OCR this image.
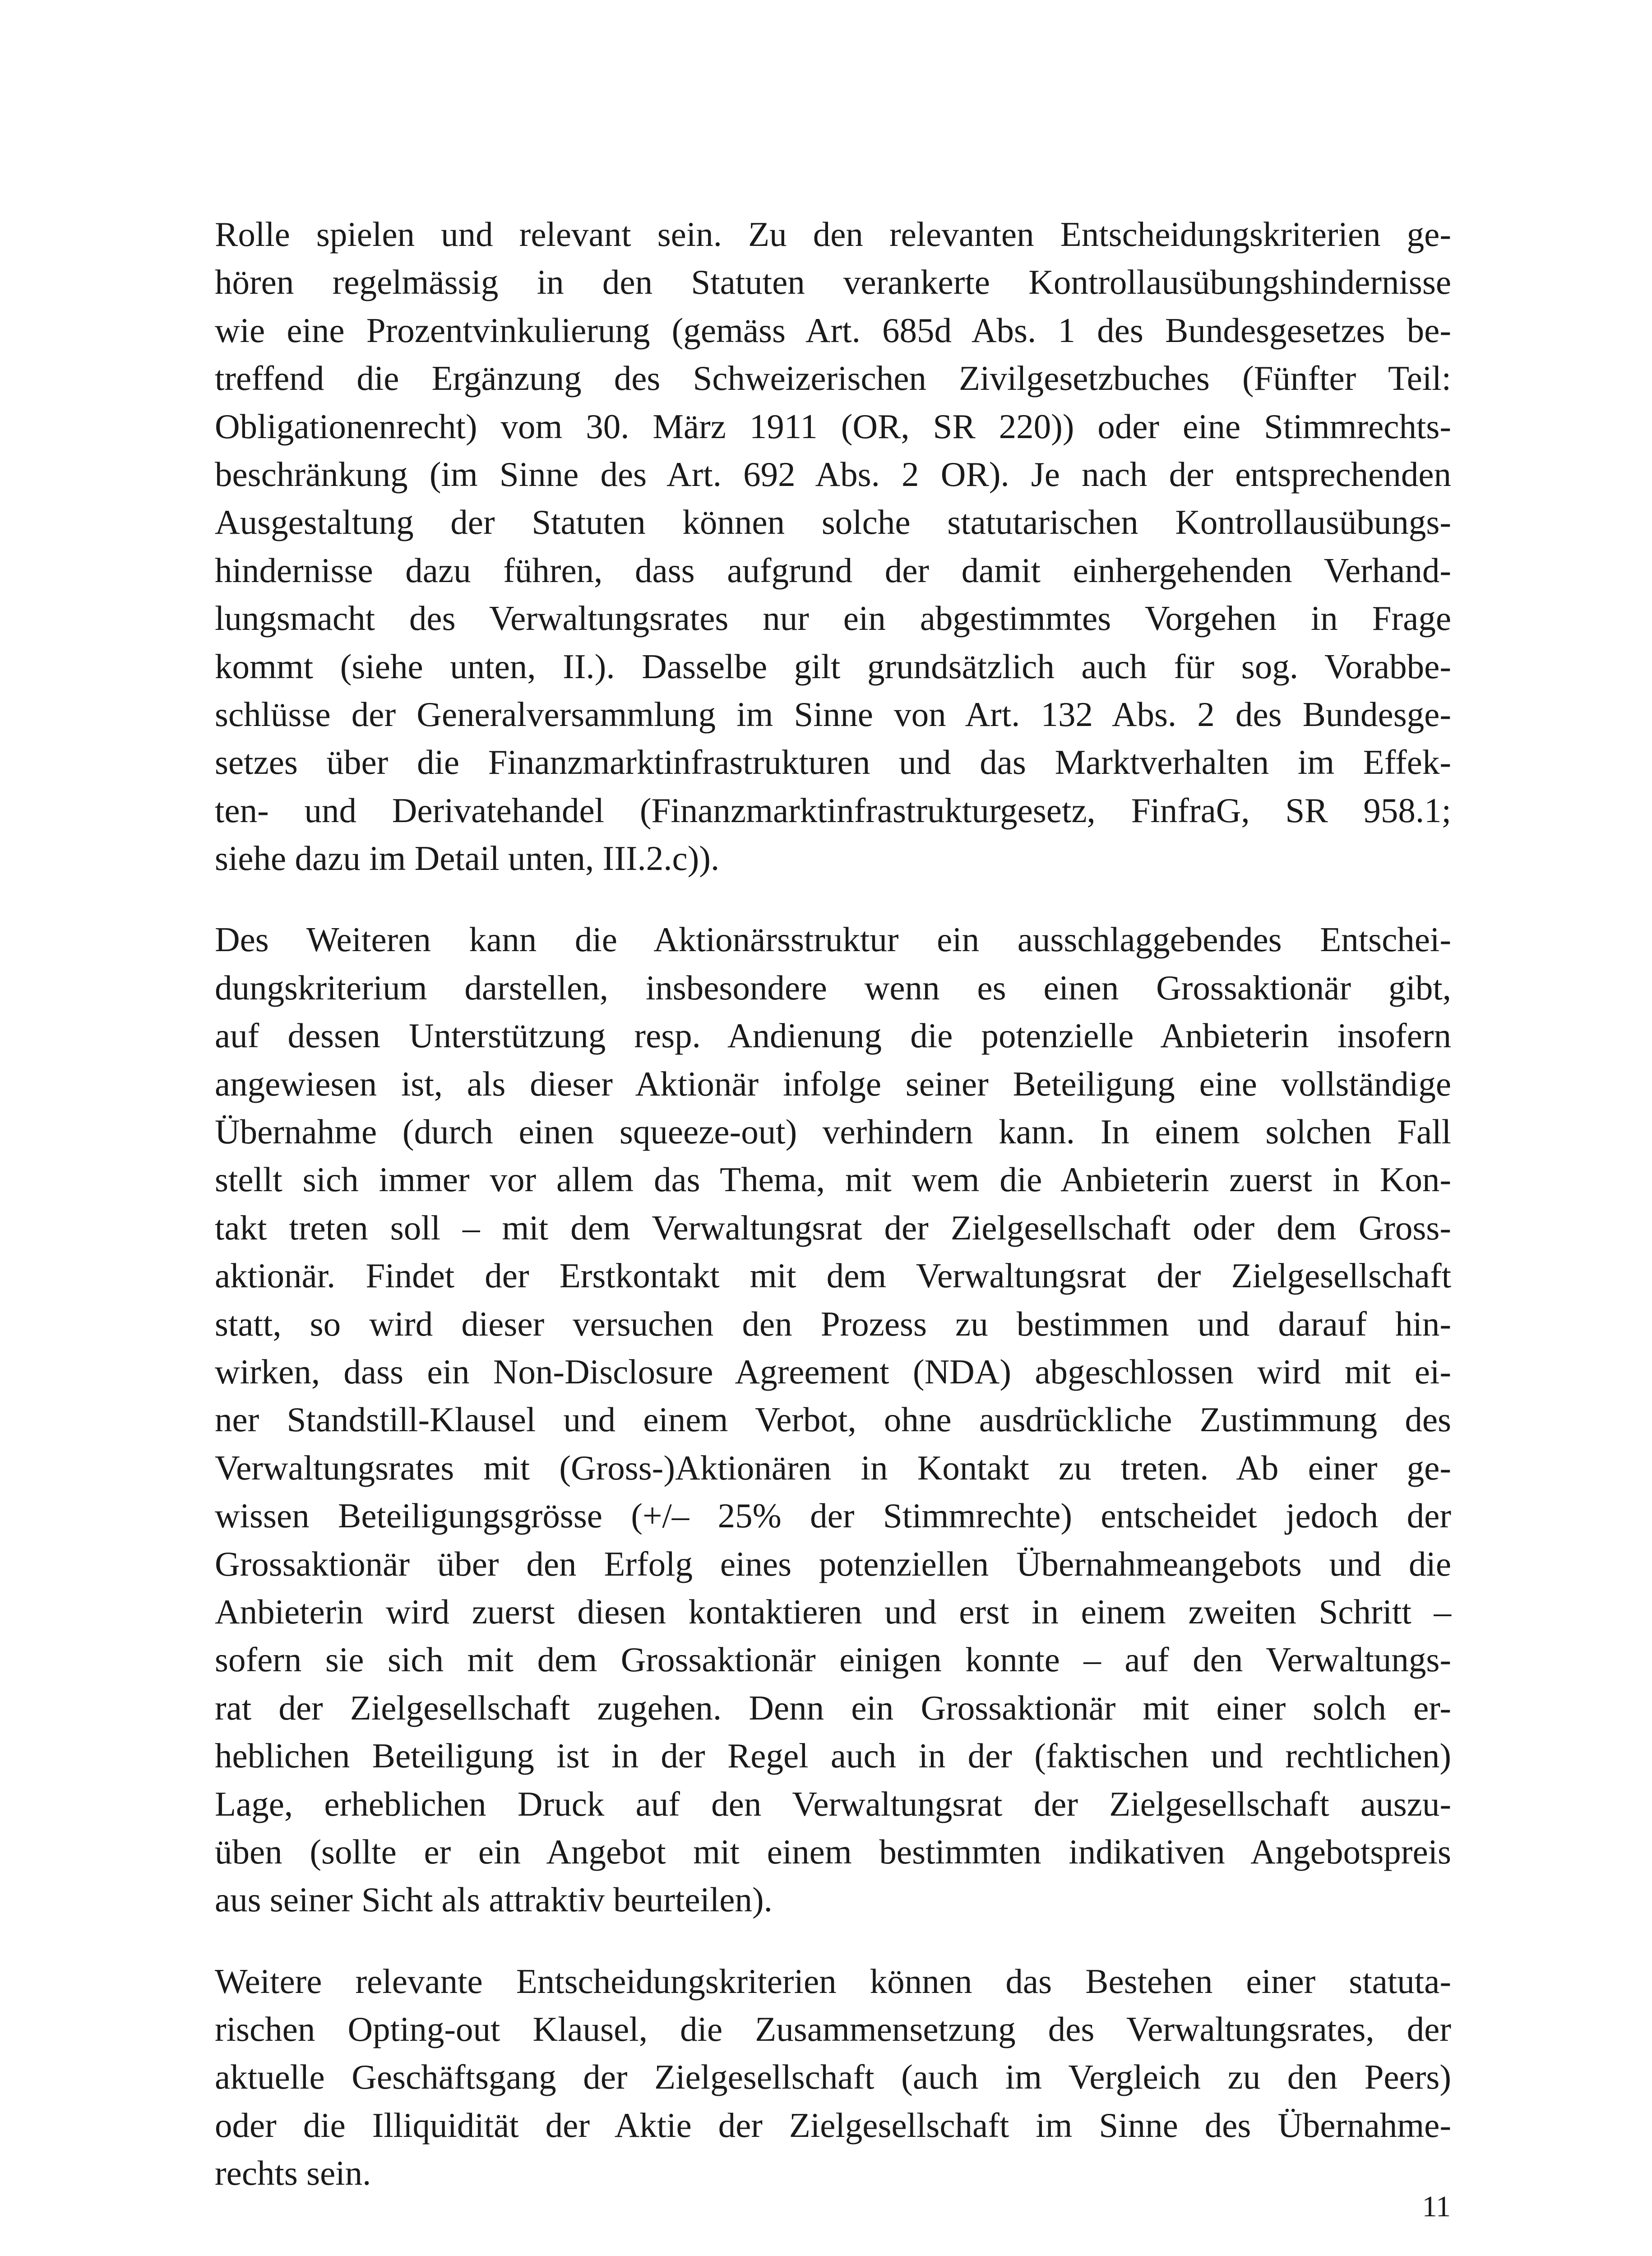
Rolle spielen und relevant sein. Zu den relevanten Entscheidungskriterien ge-
hören regelmässig in den Statuten verankerte Kontrollausübungshindernisse
wie eine Prozentvinkulierung (gemäss Art. 685d Abs. 1 des Bundesgesetzes be-
treffend die Ergänzung des Schweizerischen Zivilgesetzbuches (Fünfter Teil:
Obligationenrecht) vom 30. März 1911 (OR, SR 220)) oder eine Stimmrechts-
beschränkung (im Sinne des Art. 692 Abs. 2 OR). Je nach der entsprechenden
Ausgestaltung der Statuten können solche statutarischen Kontrollausübungs-
hindernisse dazu führen, dass aufgrund der damit einhergehenden Verhand-
lungsmacht des Verwaltungsrates nur ein abgestimmtes Vorgehen in Frage
kommt (siehe unten, II.). Dasselbe gilt grundsätzlich auch für sog. Vorabbe-
schlüsse der Generalversammlung im Sinne von Art. 132 Abs. 2 des Bundesge-
setzes über die Finanzmarktinfrastrukturen und das Marktverhalten im Effek-
ten- und Derivatehandel (Finanzmarktinfrastrukturgesetz, FinfraG, SR 958.1;
siehe dazu im Detail unten, III.2.c)).
Des Weiteren kann die Aktionärsstruktur ein ausschlaggebendes Entschei-
dungskriterium darstellen, insbesondere wenn es einen Grossaktionär gibt,
auf dessen Unterstützung resp. Andienung die potenzielle Anbieterin insofern
angewiesen ist, als dieser Aktionär infolge seiner Beteiligung eine vollständige
Übernahme (durch einen squeeze-out) verhindern kann. In einem solchen Fall
stellt sich immer vor allem das Thema, mit wem die Anbieterin zuerst in Kon-
takt treten soll – mit dem Verwaltungsrat der Zielgesellschaft oder dem Gross-
aktionär. Findet der Erstkontakt mit dem Verwaltungsrat der Zielgesellschaft
statt, so wird dieser versuchen den Prozess zu bestimmen und darauf hin-
wirken, dass ein Non-Disclosure Agreement (NDA) abgeschlossen wird mit ei-
ner Standstill-Klausel und einem Verbot, ohne ausdrückliche Zustimmung des
Verwaltungsrates mit (Gross-)Aktionären in Kontakt zu treten. Ab einer ge-
wissen Beteiligungsgrösse (+/– 25% der Stimmrechte) entscheidet jedoch der
Grossaktionär über den Erfolg eines potenziellen Übernahmeangebots und die
Anbieterin wird zuerst diesen kontaktieren und erst in einem zweiten Schritt –
sofern sie sich mit dem Grossaktionär einigen konnte – auf den Verwaltungs-
rat der Zielgesellschaft zugehen. Denn ein Grossaktionär mit einer solch er-
heblichen Beteiligung ist in der Regel auch in der (faktischen und rechtlichen)
Lage, erheblichen Druck auf den Verwaltungsrat der Zielgesellschaft auszu-
üben (sollte er ein Angebot mit einem bestimmten indikativen Angebotspreis
aus seiner Sicht als attraktiv beurteilen).
Weitere relevante Entscheidungskriterien können das Bestehen einer statuta-
rischen Opting-out Klausel, die Zusammensetzung des Verwaltungsrates, der
aktuelle Geschäftsgang der Zielgesellschaft (auch im Vergleich zu den Peers)
oder die Illiquidität der Aktie der Zielgesellschaft im Sinne des Übernahme-
rechts sein.
11
